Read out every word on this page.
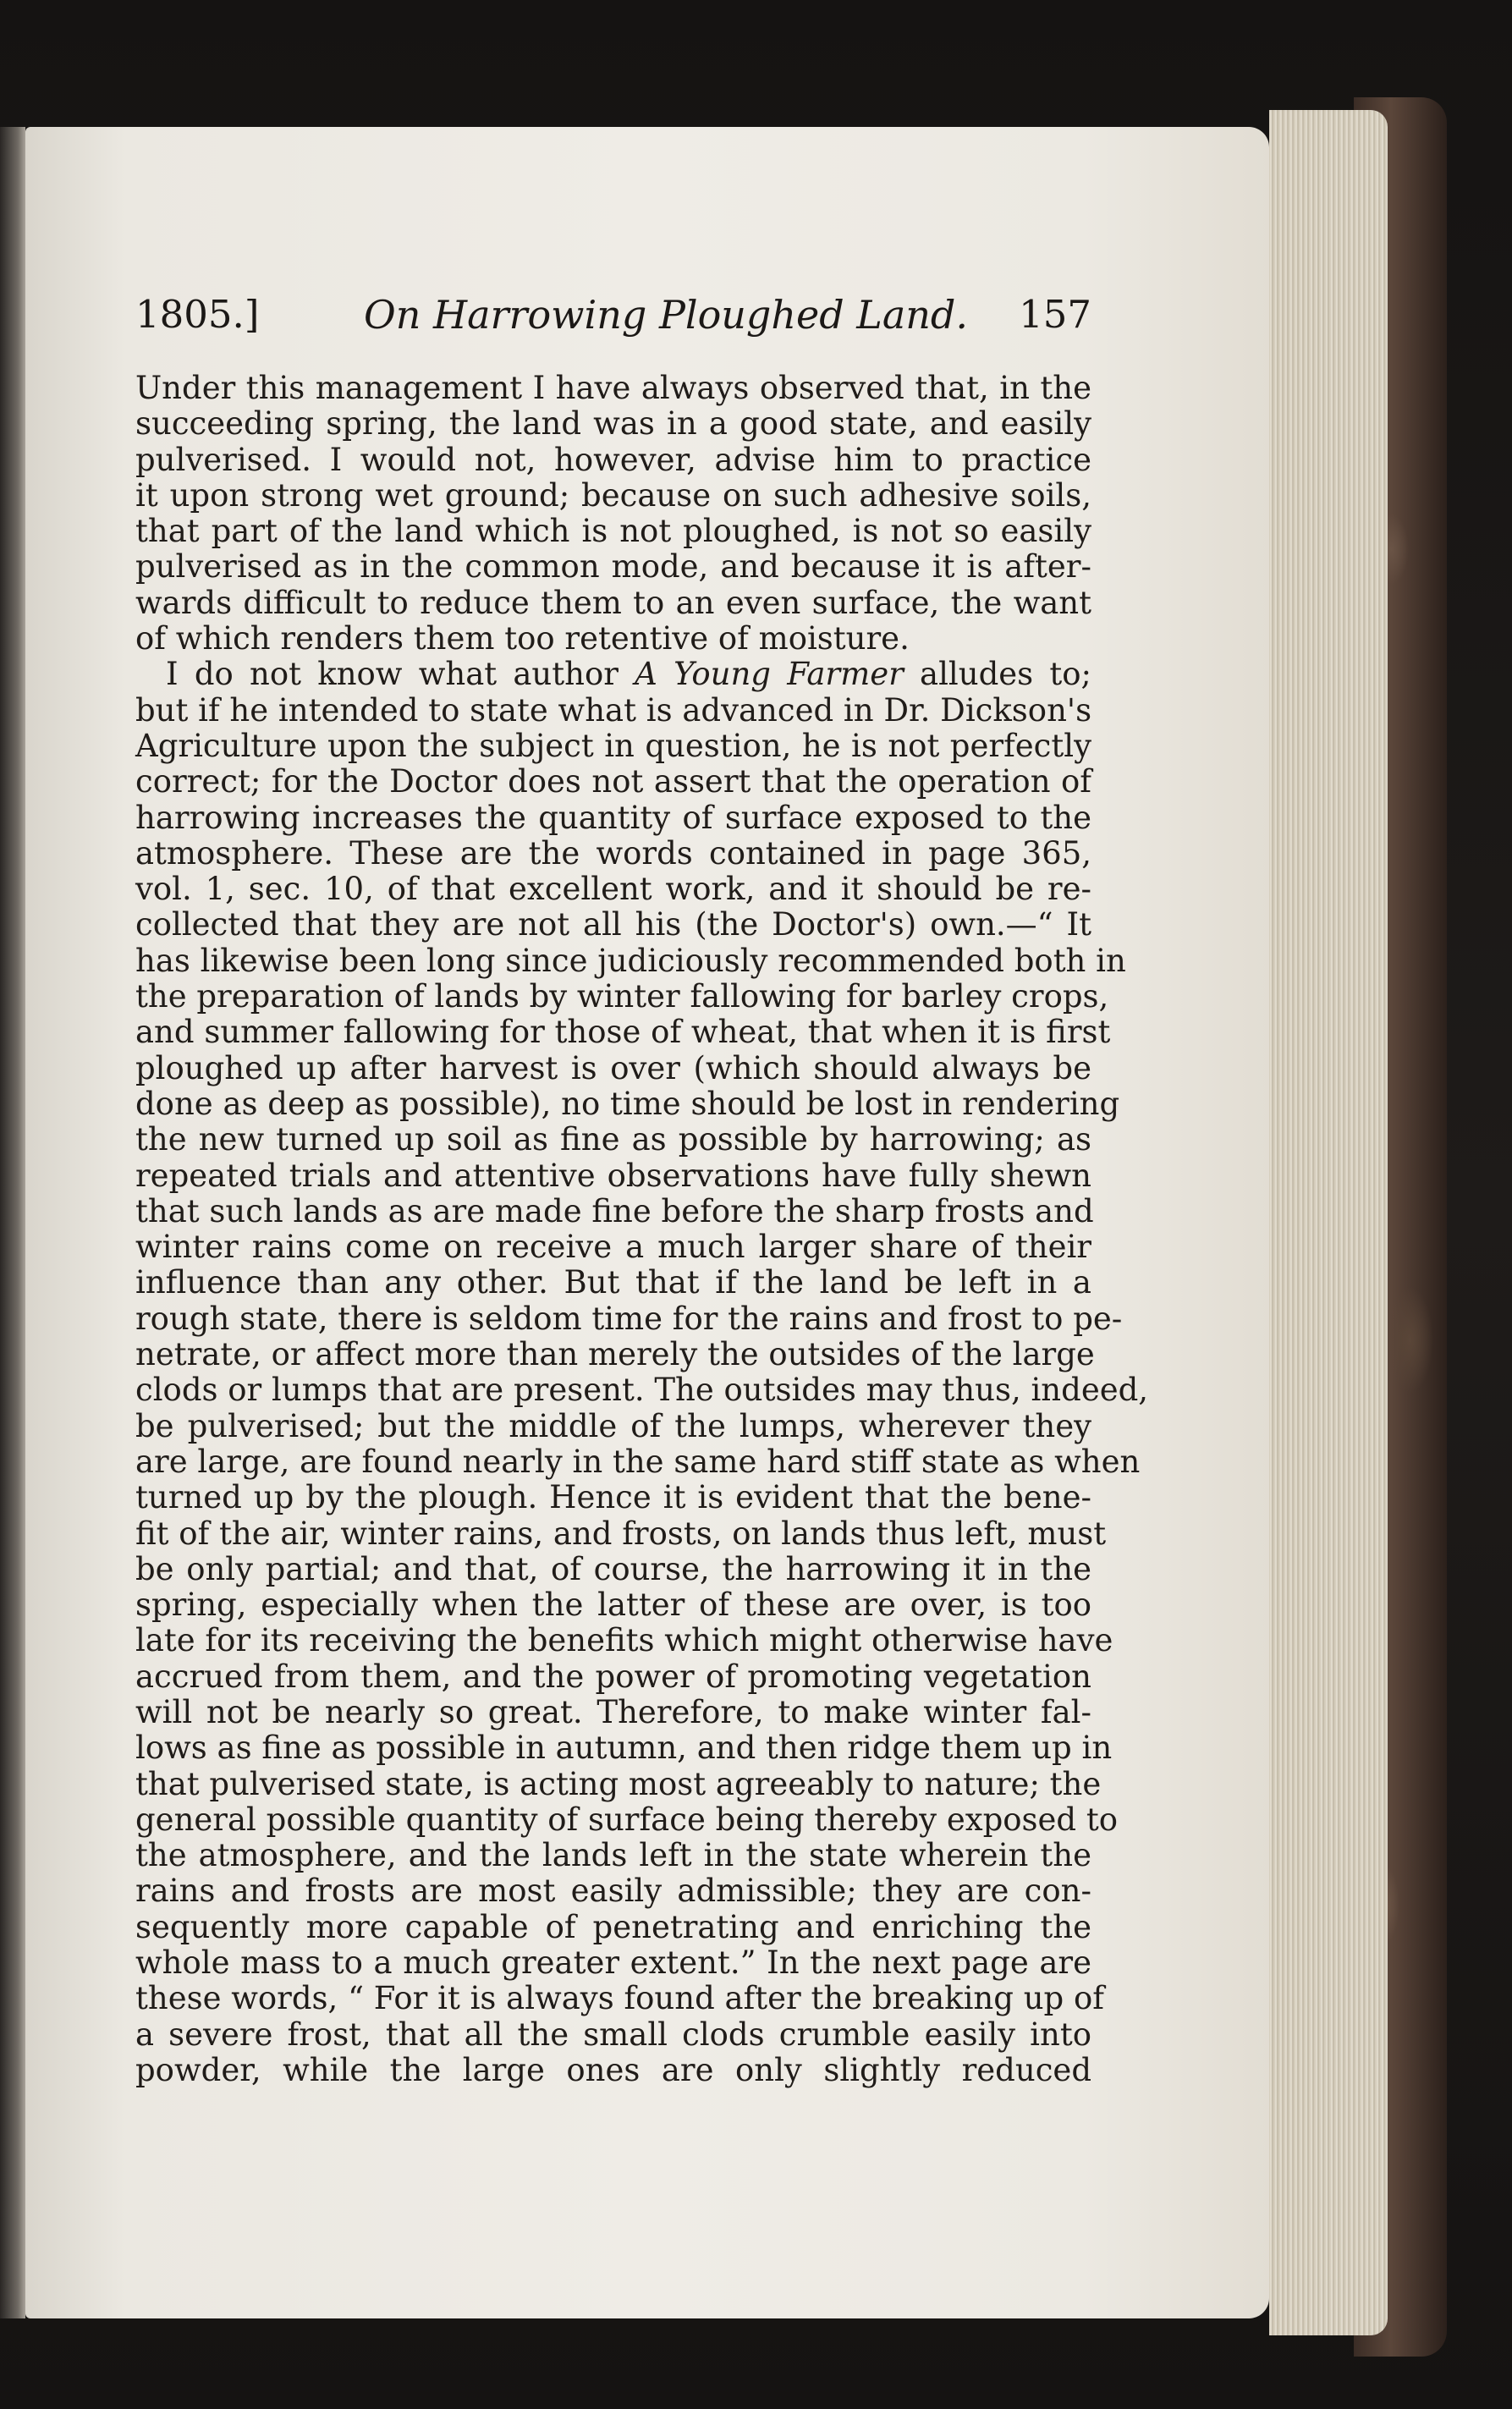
1805.]	On Harrowing Ploughed Land. 157
Under this management I have always observed that, in the
succeeding spring, the land was in a good state, and easily
pulverised. I would not, however, advise him to practice
it upon strong wet ground; because on such adhesive soils,
that part of the land which is not ploughed, is not so easily
pulverised as in the common mode, and because it is after-
wards difficult to reduce them to an even surface, the want
of which renders them too retentive of moisture.
I do not know what author A Young Farmer alludes to;
but if he intended to state what is advanced in Dr. Dickson's
Agriculture upon the subject in question, he is not perfectly
correct; for the Doctor does not assert that the operation of
harrowing increases the quantity of surface exposed to the
atmosphere. These are the words contained in page 365,
vol. 1, sec. 10, of that excellent work, and it should be re-
collected that they are not all his (the Doctor's) own.—“ It
has likewise been long since judiciously recommended both in
the preparation of lands by winter fallowing for barley crops,
and summer fallowing for those of wheat, that when it is first
ploughed up after harvest is over (which should always be
done as deep as possible), no time should be lost in rendering
the new turned up soil as fine as possible by harrowing; as
repeated trials and attentive observations have fully shewn
that such lands as are made fine before the sharp frosts and
winter rains come on receive a much larger share of their
influence than any other. But that if the land be left in a
rough state, there is seldom time for the rains and frost to pe-
netrate, or affect more than merely the outsides of the large
clods or lumps that are present. The outsides may thus, indeed,
be pulverised; but the middle of the lumps, wherever they
are large, are found nearly in the same hard stiff state as when
turned up by the plough. Hence it is evident that the bene-
fit of the air, winter rains, and frosts, on lands thus left, must
be only partial; and that, of course, the harrowing it in the
spring, especially when the latter of these are over, is too
late for its receiving the benefits which might otherwise have
accrued from them, and the power of promoting vegetation
will not be nearly so great. Therefore, to make winter fal-
lows as fine as possible in autumn, and then ridge them up in
that pulverised state, is acting most agreeably to nature; the
general possible quantity of surface being thereby exposed to
the atmosphere, and the lands left in the state wherein the
rains and frosts are most easily admissible; they are con-
sequently more capable of penetrating and enriching the
whole mass to a much greater extent.” In the next page are
these words, “ For it is always found after the breaking up of
a severe frost, that all the small clods crumble easily into
powder, while the large ones are only slightly reduced
